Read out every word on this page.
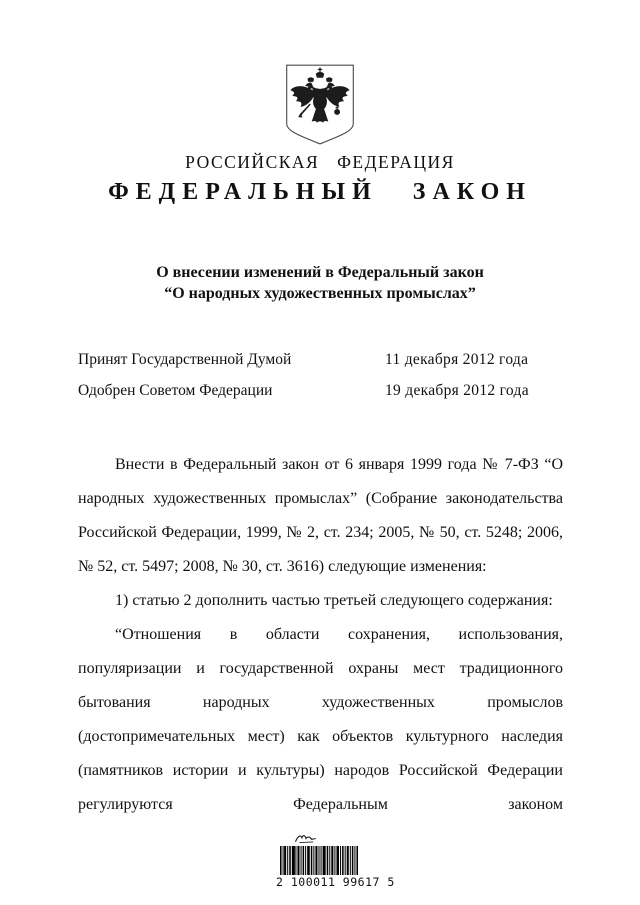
РОССИЙСКАЯ ФЕДЕРАЦИЯ
ФЕДЕРАЛЬНЫЙ ЗАКОН
О внесении изменений в Федеральный закон
“О народных художественных промыслах”
Принят Государственной Думой	11 декабря 2012 года
Одобрен Советом Федерации	19 декабря 2012 года

Внести в Федеральный закон от 6 января 1999 года № 7-ФЗ “О народных художественных промыслах” (Собрание законодательства Российской Федерации, 1999, № 2, ст. 234; 2005, № 50, ст. 5248; 2006, № 52, ст. 5497; 2008, № 30, ст. 3616) следующие изменения:

1) статью 2 дополнить частью третьей следующего содержания:

“Отношения в области сохранения, использования, популяризации и государственной охраны мест традиционного бытования народных художественных промыслов (достопримечательных мест) как объектов культурного наследия (памятников истории и культуры) народов Российской Федерации регулируются Федеральным законом

2 100011 99617 5
